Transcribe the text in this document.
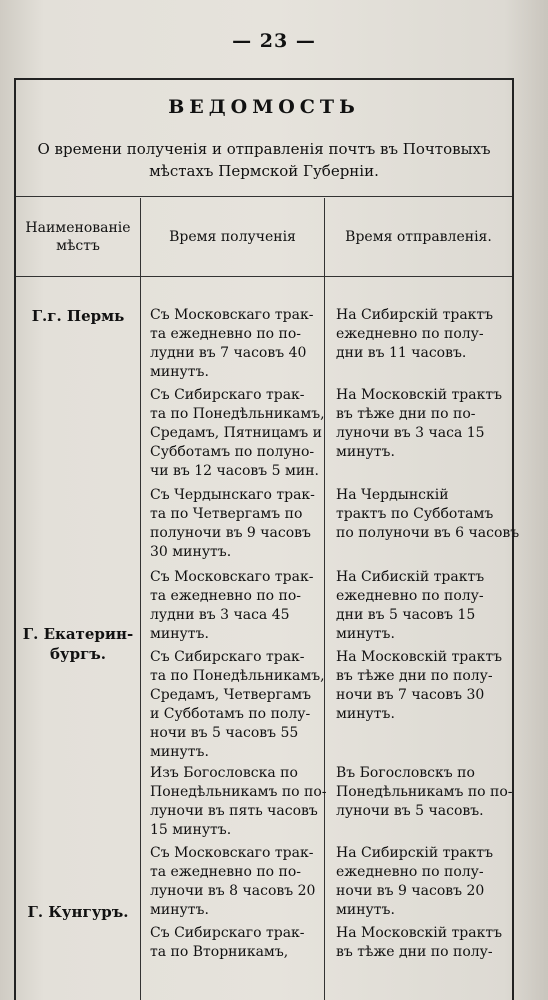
— 23 —
ВЕДОМОСТЬ
О времени полученія и отправленія почтъ въ Почтовыхъ
мѣстахъ Пермской Губерніи.
Наименованіе
мѣстъ
Время полученія	Время отправленія.
Г.г. Пермь
Г. Екатерин-
бургъ.
Г. Кунгуръ.
Съ Московскаго трак-
та ежедневно по по-
лудни въ 7 часовъ 40
минутъ.
Съ Сибирскаго трак-
та по Понедѣльникамъ,
Средамъ, Пятницамъ и
Субботамъ по полуно-
чи въ 12 часовъ 5 мин.
Съ Чердынскаго трак-
та по Четвергамъ по
полуночи въ 9 часовъ
30 минутъ.
Съ Московскаго трак-
та ежедневно по по-
лудни въ 3 часа 45
минутъ.
Съ Сибирскаго трак-
та по Понедѣльникамъ,
Средамъ, Четвергамъ
и Субботамъ по полу-
ночи въ 5 часовъ 55
минутъ.
Изъ Богословска по
Понедѣльникамъ по по-
луночи въ пять часовъ
15 минутъ.
Съ Московскаго трак-
та ежедневно по по-
луночи въ 8 часовъ 20
минутъ.
Съ Сибирскаго трак-
та по Вторникамъ,
На Сибирскій трактъ
ежедневно по полу-
дни въ 11 часовъ.
На Московскій трактъ
въ тѣже дни по по-
луночи въ 3 часа 15
минутъ.
На Чердынскій
трактъ по Субботамъ
по полуночи въ 6 часовъ
На Сибискій трактъ
ежедневно по полу-
дни въ 5 часовъ 15
минутъ.
На Московскій трактъ
въ тѣже дни по полу-
ночи въ 7 часовъ 30
минутъ.
Въ Богословскъ по
Понедѣльникамъ по по-
луночи въ 5 часовъ.
На Сибирскій трактъ
ежедневно по полу-
ночи въ 9 часовъ 20
минутъ.
На Московскій трактъ
въ тѣже дни по полу-
